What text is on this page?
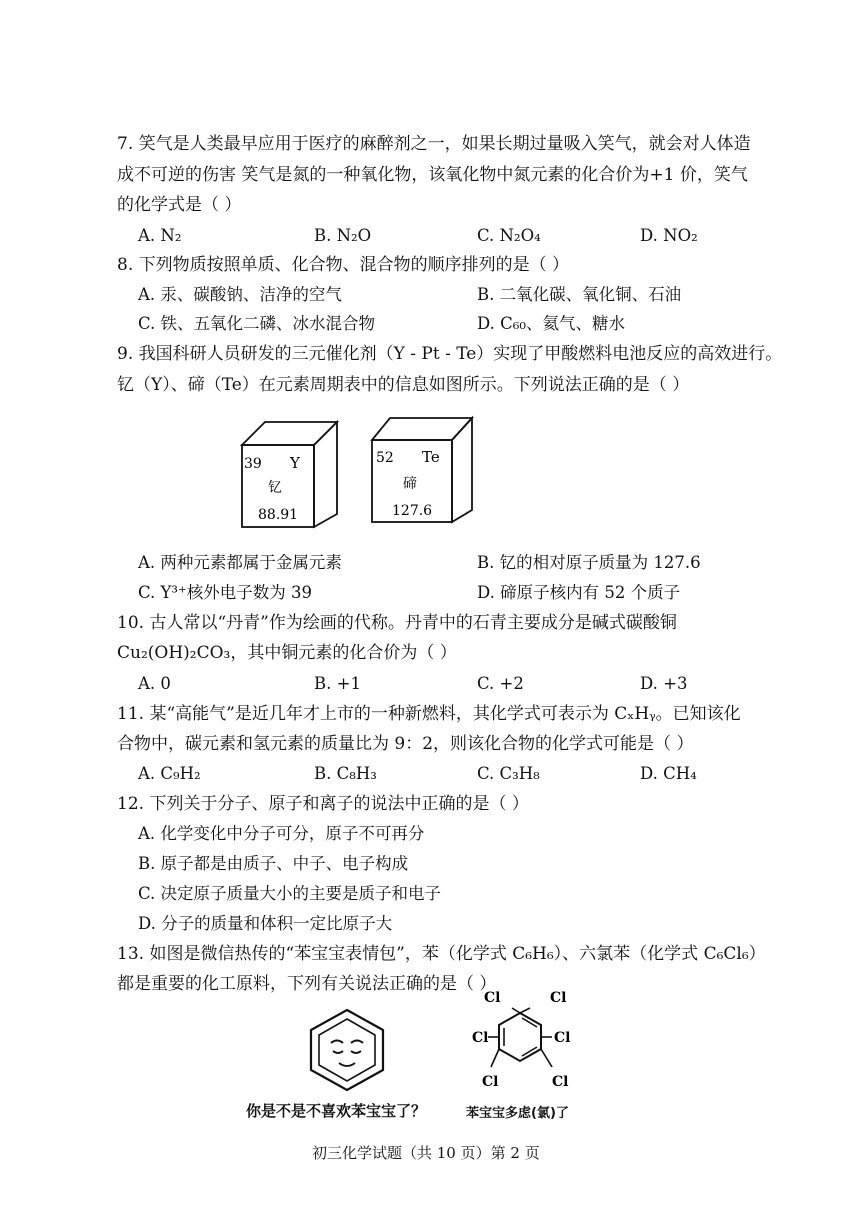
7. 笑气是人类最早应用于医疗的麻醉剂之一，如果长期过量吸入笑气，就会对人体造
成不可逆的伤害 笑气是氮的一种氧化物，该氧化物中氮元素的化合价为+1 价，笑气
的化学式是（ ）
A. N₂	B. N₂O	C. N₂O₄	D. NO₂
8. 下列物质按照单质、化合物、混合物的顺序排列的是（ ）
A. 汞、碳酸钠、洁净的空气	B. 二氧化碳、氧化铜、石油
C. 铁、五氧化二磷、冰水混合物	D. C₆₀、氦气、糖水
9. 我国科研人员研发的三元催化剂（Y - Pt - Te）实现了甲酸燃料电池反应的高效进行。
钇（Y）、碲（Te）在元素周期表中的信息如图所示。下列说法正确的是（ ）
39 Y
钇
88.91
52 Te
碲
127.6
A. 两种元素都属于金属元素	B. 钇的相对原子质量为 127.6
C. Y³⁺核外电子数为 39	D. 碲原子核内有 52 个质子
10. 古人常以“丹青”作为绘画的代称。丹青中的石青主要成分是碱式碳酸铜
Cu₂(OH)₂CO₃，其中铜元素的化合价为（ ）
A. 0	B. +1	C. +2	D. +3
11. 某“高能气”是近几年才上市的一种新燃料，其化学式可表示为 CₓHᵧ。已知该化
合物中，碳元素和氢元素的质量比为 9：2，则该化合物的化学式可能是（ ）
A. C₉H₂	B. C₈H₃	C. C₃H₈	D. CH₄
12. 下列关于分子、原子和离子的说法中正确的是（ ）
A. 化学变化中分子可分，原子不可再分
B. 原子都是由质子、中子、电子构成
C. 决定原子质量大小的主要是质子和电子
D. 分子的质量和体积一定比原子大
13. 如图是微信热传的“苯宝宝表情包”，苯（化学式 C₆H₆）、六氯苯（化学式 C₆Cl₆）
都是重要的化工原料，下列有关说法正确的是（ ）
Cl	Cl
Cl	Cl
Cl	Cl
你是不是不喜欢苯宝宝了？	苯宝宝多虑(氯)了
初三化学试题（共 10 页）第 2 页
